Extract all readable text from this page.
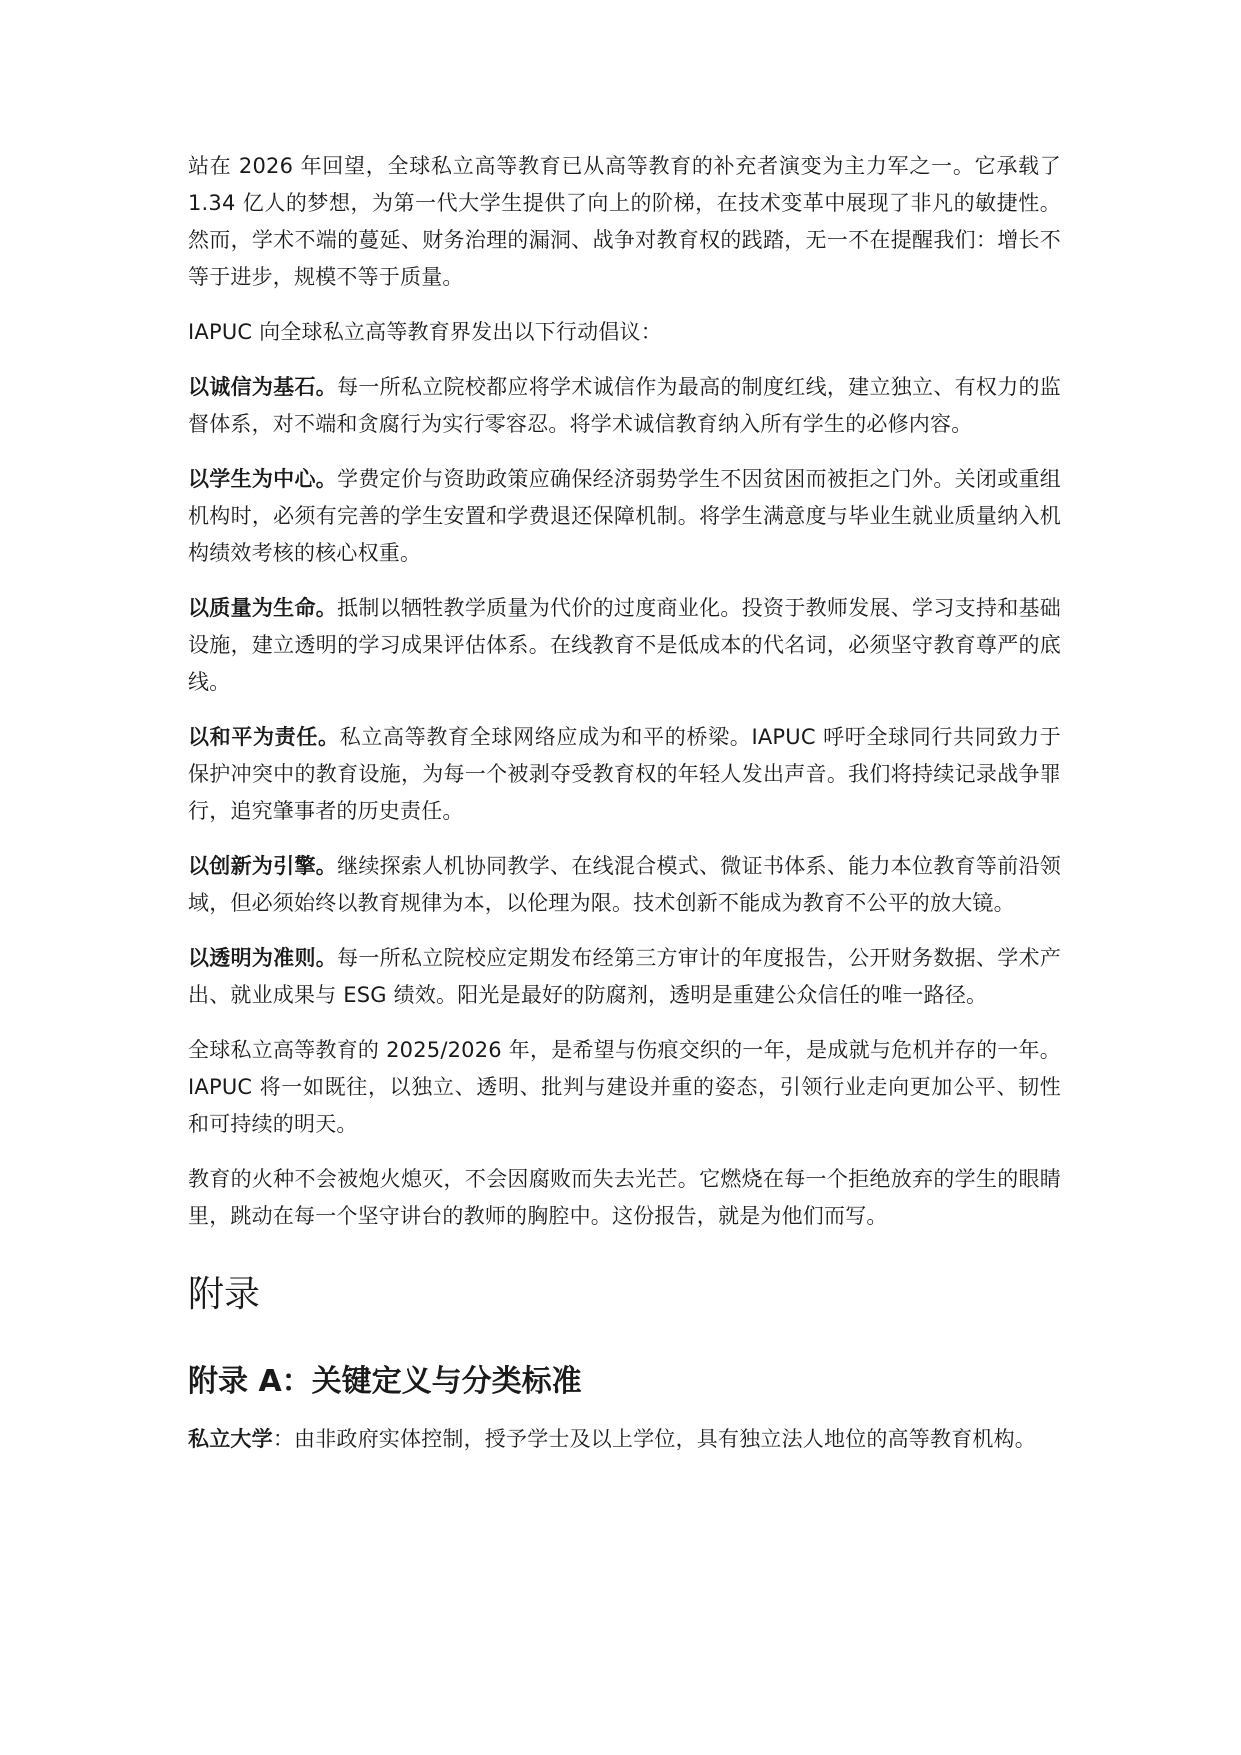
站在 2026 年回望，全球私立高等教育已从高等教育的补充者演变为主力军之一。它承载了 1.34 亿人的梦想，为第一代大学生提供了向上的阶梯，在技术变革中展现了非凡的敏捷性。然而，学术不端的蔓延、财务治理的漏洞、战争对教育权的践踏，无一不在提醒我们：增长不等于进步，规模不等于质量。

IAPUC 向全球私立高等教育界发出以下行动倡议：

以诚信为基石。每一所私立院校都应将学术诚信作为最高的制度红线，建立独立、有权力的监督体系，对不端和贪腐行为实行零容忍。将学术诚信教育纳入所有学生的必修内容。

以学生为中心。学费定价与资助政策应确保经济弱势学生不因贫困而被拒之门外。关闭或重组机构时，必须有完善的学生安置和学费退还保障机制。将学生满意度与毕业生就业质量纳入机构绩效考核的核心权重。

以质量为生命。抵制以牺牲教学质量为代价的过度商业化。投资于教师发展、学习支持和基础设施，建立透明的学习成果评估体系。在线教育不是低成本的代名词，必须坚守教育尊严的底线。

以和平为责任。私立高等教育全球网络应成为和平的桥梁。IAPUC 呼吁全球同行共同致力于保护冲突中的教育设施，为每一个被剥夺受教育权的年轻人发出声音。我们将持续记录战争罪行，追究肇事者的历史责任。

以创新为引擎。继续探索人机协同教学、在线混合模式、微证书体系、能力本位教育等前沿领域，但必须始终以教育规律为本，以伦理为限。技术创新不能成为教育不公平的放大镜。

以透明为准则。每一所私立院校应定期发布经第三方审计的年度报告，公开财务数据、学术产出、就业成果与 ESG 绩效。阳光是最好的防腐剂，透明是重建公众信任的唯一路径。

全球私立高等教育的 2025/2026 年，是希望与伤痕交织的一年，是成就与危机并存的一年。IAPUC 将一如既往，以独立、透明、批判与建设并重的姿态，引领行业走向更加公平、韧性和可持续的明天。

教育的火种不会被炮火熄灭，不会因腐败而失去光芒。它燃烧在每一个拒绝放弃的学生的眼睛里，跳动在每一个坚守讲台的教师的胸腔中。这份报告，就是为他们而写。

附录
附录 A：关键定义与分类标准

私立大学：由非政府实体控制，授予学士及以上学位，具有独立法人地位的高等教育机构。
